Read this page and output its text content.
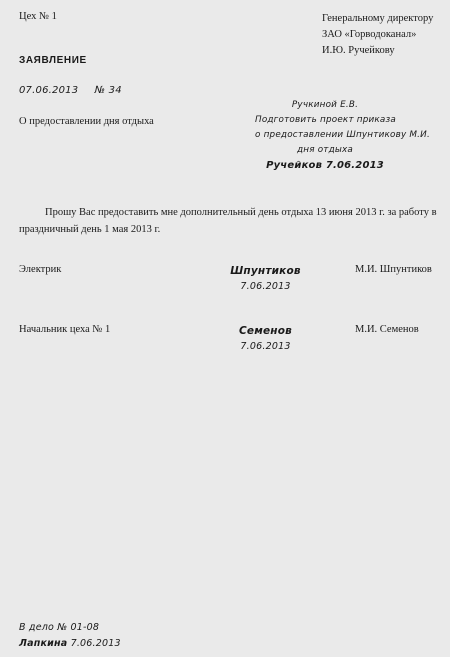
Цех № 1	Генеральному директору
ЗАО «Горводоканал»
И.Ю. Ручейкову
ЗАЯВЛЕНИЕ
07.06.2013 № 34
О предоставлении дня отдыха
Ручкиной Е.В.
Подготовить проект приказа
о предоставлении Шпунтикову М.И.
дня отдыха
Ручейков 7.06.2013
Прошу Вас предоставить мне дополнительный день отдыха 13 июня 2013 г. за работу в праздничный день 1 мая 2013 г.
Электрик	Шпунтиков
7.06.2013
М.И. Шпунтиков
Начальник цеха № 1	Семенов
7.06.2013
М.И. Семенов
В дело № 01-08
Лапкина 7.06.2013
